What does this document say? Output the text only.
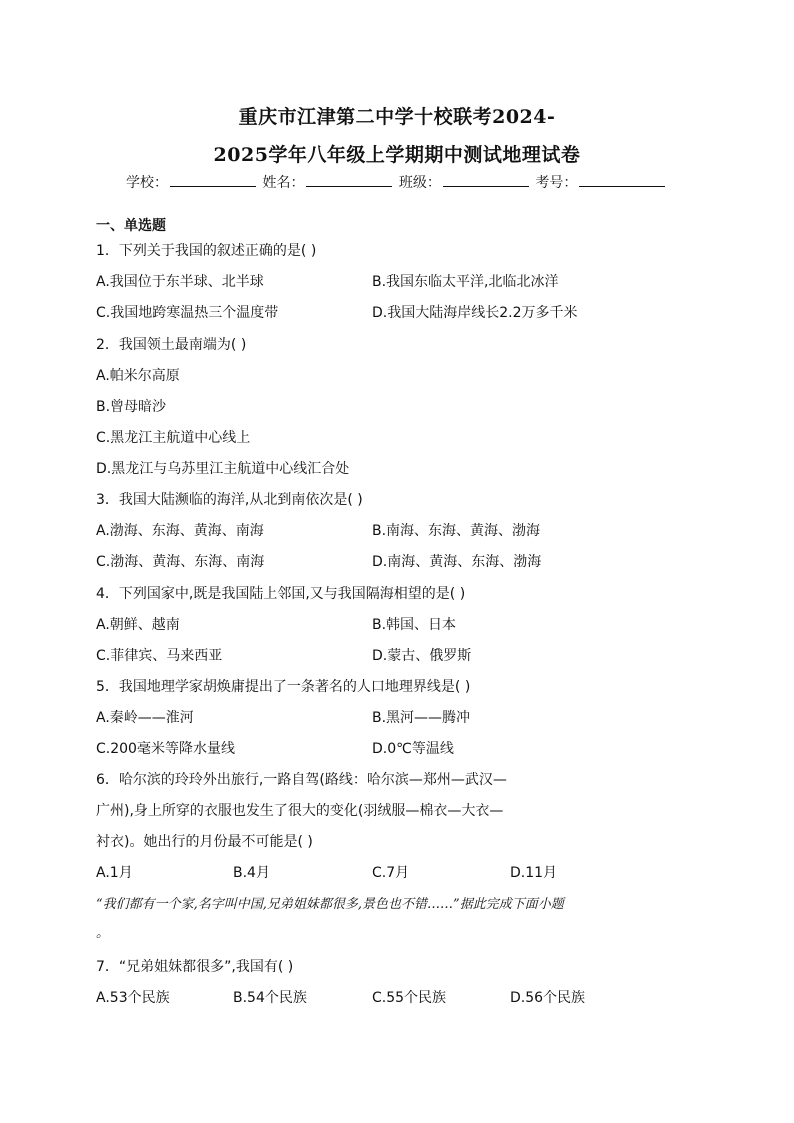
重庆市江津第二中学十校联考2024-
2025学年八年级上学期期中测试地理试卷
学校：	姓名：	班级：	考号：
一、单选题
1．下列关于我国的叙述正确的是( )
A.我国位于东半球、北半球	B.我国东临太平洋,北临北冰洋
C.我国地跨寒温热三个温度带	D.我国大陆海岸线长2.2万多千米
2．我国领土最南端为( )
A.帕米尔高原
B.曾母暗沙
C.黑龙江主航道中心线上
D.黑龙江与乌苏里江主航道中心线汇合处
3．我国大陆濒临的海洋,从北到南依次是( )
A.渤海、东海、黄海、南海	B.南海、东海、黄海、渤海
C.渤海、黄海、东海、南海	D.南海、黄海、东海、渤海
4．下列国家中,既是我国陆上邻国,又与我国隔海相望的是( )
A.朝鲜、越南	B.韩国、日本
C.菲律宾、马来西亚	D.蒙古、俄罗斯
5．我国地理学家胡焕庸提出了一条著名的人口地理界线是( )
A.秦岭——淮河	B.黑河——腾冲
C.200毫米等降水量线	D.0℃等温线
6．哈尔滨的玲玲外出旅行,一路自驾(路线：哈尔滨—郑州—武汉—
广州),身上所穿的衣服也发生了很大的变化(羽绒服—棉衣—大衣—
衬衣)。她出行的月份最不可能是( )
A.1月	B.4月	C.7月	D.11月
“我们都有一个家,名字叫中国,兄弟姐妹都很多,景色也不错……”据此完成下面小题
。
7．“兄弟姐妹都很多”,我国有( )
A.53个民族	B.54个民族	C.55个民族	D.56个民族
